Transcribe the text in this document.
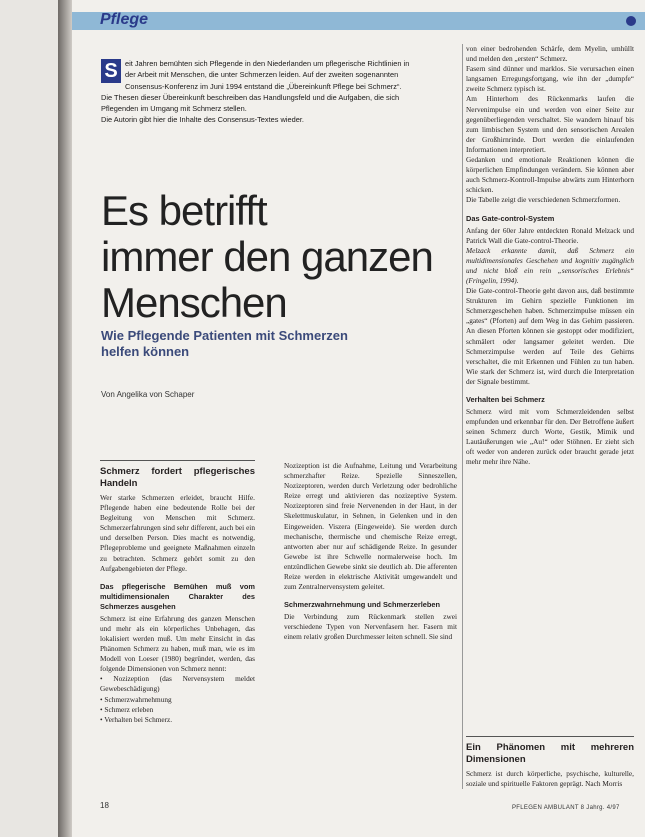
Pflege
S eit Jahren bemühten sich Pflegende in den Niederlanden um pflegerische Richtlinien in der Arbeit mit Menschen, die unter Schmerzen leiden. Auf der zweiten sogenannten Consensus-Konferenz im Juni 1994 entstand die „Übereinkunft Pflege bei Schmerz“.

Die Thesen dieser Übereinkunft beschreiben das Handlungsfeld und die Aufgaben, die sich Pflegenden im Umgang mit Schmerz stellen.

Die Autorin gibt hier die Inhalte des Consensus-Textes wieder.

Es betrifft
immer den ganzen
Menschen
Wie Pflegende Patienten mit Schmerzen helfen können
Von Angelika von Schaper
Schmerz fordert pflegerisches Handeln

Wer starke Schmerzen erleidet, braucht Hilfe. Pflegende haben eine bedeutende Rolle bei der Begleitung von Menschen mit Schmerz. Schmerzerfahrungen sind sehr different, auch bei ein und derselben Person. Dies macht es notwendig, Pflegeprobleme und geeignete Maßnahmen einzeln zu betrachten. Schmerz gehört somit zu den Aufgabengebieten der Pflege.

Das pflegerische Bemühen muß vom multidimensionalen Charakter des Schmerzes ausgehen

Schmerz ist eine Erfahrung des ganzen Menschen und mehr als ein körperliches Unbehagen, das lokalisiert werden muß. Um mehr Einsicht in das Phänomen Schmerz zu haben, muß man, wie es im Modell von Loeser (1980) begründet, werden, das folgende Dimensionen von Schmerz nennt:

• Nozizeption (das Nervensystem meldet Gewebeschädigung)
• Schmerzwahrnehmung
• Schmerz erleben
• Verhalten bei Schmerz.

Nozizeption ist die Aufnahme, Leitung und Verarbeitung schmerzhafter Reize. Spezielle Sinneszellen, Nozizeptoren, werden durch Verletzung oder bedrohliche Reize erregt und aktivieren das nozizeptive System. Nozizeptoren sind freie Nervenenden in der Haut, in der Skelettmuskulatur, in Sehnen, in Gelenken und in den Eingeweiden. Viszera (Eingeweide). Sie werden durch mechanische, thermische und chemische Reize erregt, antworten aber nur auf schädigende Reize. In gesunder Gewebe ist ihre Schwelle normalerweise hoch. Im entzündlichen Gewebe sinkt sie deutlich ab. Die afferenten Reize werden in elektrische Aktivität umgewandelt und zum Zentralnervensystem geleitet.

Schmerzwahrnehmung und Schmerzerleben

Die Verbindung zum Rückenmark stellen zwei verschiedene Typen von Nervenfasern her. Fasern mit einem relativ großen Durchmesser leiten schnell. Sie sind

von einer bedrohenden Schärfe, dem Myelin, umhüllt und melden den „ersten“ Schmerz.

Fasern sind dünner und marklos. Sie verursachen einen langsamen Erregungsfortgang, wie ihn der „dumpfe“ zweite Schmerz typisch ist.

Am Hinterhorn des Rückenmarks laufen die Nervenimpulse ein und werden von einer Seite zur gegenüberliegenden verschaltet. Sie wandern hinauf bis zum limbischen System und den sensorischen Arealen der Großhirnrinde. Dort werden die einlaufenden Informationen interpretiert.

Gedanken und emotionale Reaktionen können die körperlichen Empfindungen verändern. Sie können aber auch Schmerz-Kontroll-Impulse abwärts zum Hinterhorn schicken.

Die Tabelle zeigt die verschiedenen Schmerzformen.

Das Gate-control-System

Anfang der 60er Jahre entdeckten Ronald Melzack und Patrick Wall die Gate-control-Theorie.

Melzack erkannte damit, daß Schmerz ein multidimensionales Geschehen und kognitiv zugänglich und nicht bloß ein rein „sensorisches Erlebnis“ (Fringelin, 1994).

Die Gate-control-Theorie geht davon aus, daß bestimmte Strukturen im Gehirn spezielle Funktionen im Schmerzgeschehen haben. Schmerzimpulse müssen ein „gates“ (Pforten) auf dem Weg in das Gehirn passieren. An diesen Pforten können sie gestoppt oder modifiziert, schmälert oder langsamer geleitet werden. Die Schmerzimpulse werden auf Teile des Gehirns verschaltet, die mit Erkennen und Fühlen zu tun haben. Wie stark der Schmerz ist, wird durch die Interpretation der Signale bestimmt.

Verhalten bei Schmerz

Schmerz wird mit vom Schmerzleidenden selbst empfunden und erkennbar für den. Der Betroffene äußert seinen Schmerz durch Worte, Gestik, Mimik und Lautäußerungen wie „Au!“ oder Stöhnen. Er zieht sich oft weder von anderen zurück oder braucht gerade jetzt mehr mehr ihre Nähe.

Ein Phänomen mit mehreren Dimensionen

Schmerz ist durch körperliche, psychische, kulturelle, soziale und spirituelle Faktoren geprägt. Nach Morris

18	PFLEGEN AMBULANT 8 Jahrg. 4/97
